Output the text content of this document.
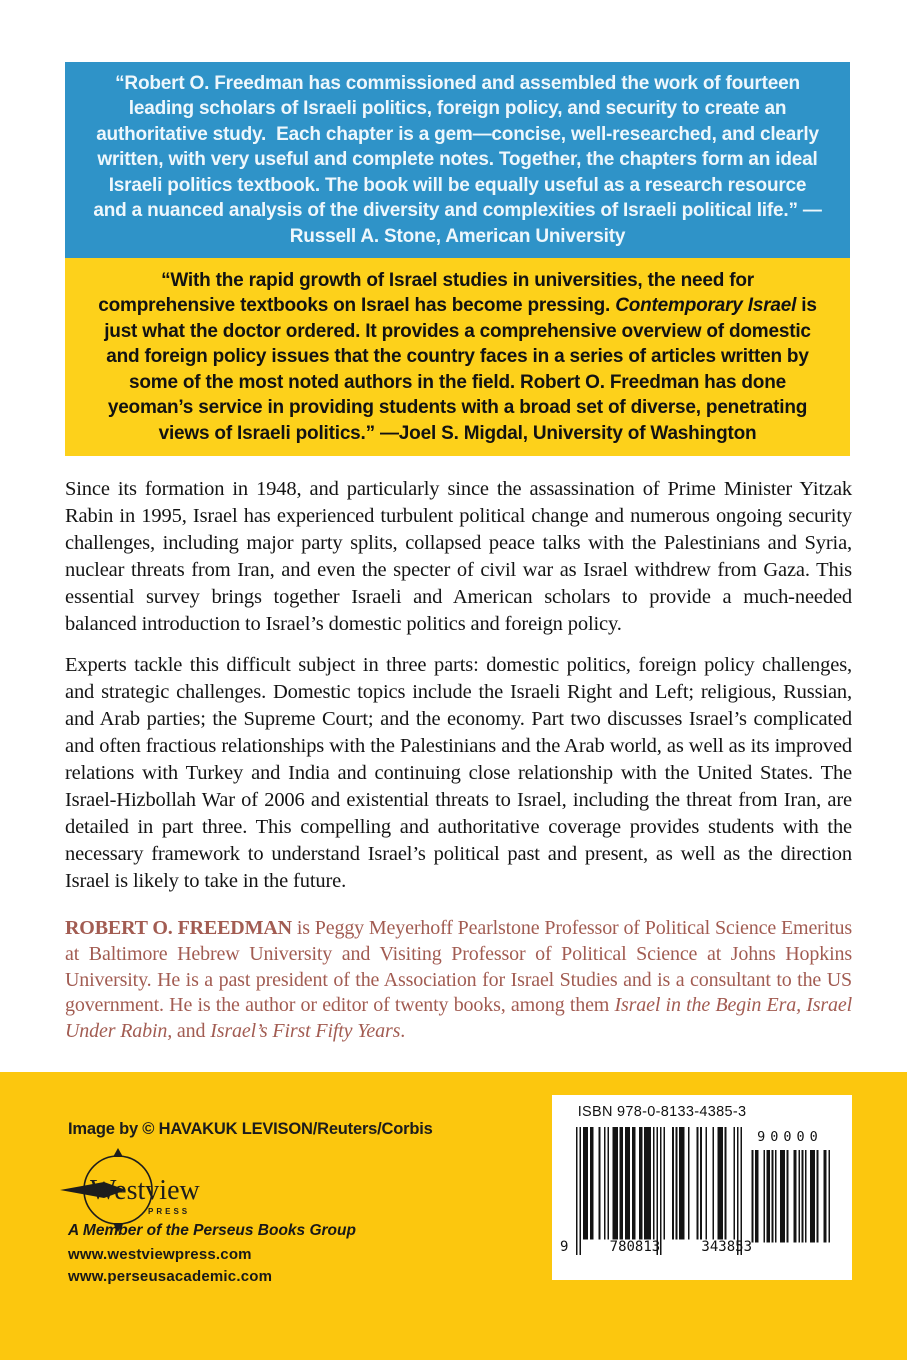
“Robert O. Freedman has commissioned and assembled the work of fourteen leading scholars of Israeli politics, foreign policy, and security to create an authoritative study.  Each chapter is a gem—concise, well-researched, and clearly written, with very useful and complete notes. Together, the chapters form an ideal Israeli politics textbook. The book will be equally useful as a research resource and a nuanced analysis of the diversity and complexities of Israeli political life.” —Russell A. Stone, American University

“With the rapid growth of Israel studies in universities, the need for comprehensive textbooks on Israel has become pressing. Contemporary Israel is just what the doctor ordered. It provides a comprehensive overview of domestic and foreign policy issues that the country faces in a series of articles written by some of the most noted authors in the field. Robert O. Freedman has done yeoman’s service in providing students with a broad set of diverse, penetrating views of Israeli politics.” —Joel S. Migdal, University of Washington

Since its formation in 1948, and particularly since the assassination of Prime Minister Yitzak Rabin in 1995, Israel has experienced turbulent political change and numerous ongoing security challenges, including major party splits, collapsed peace talks with the Palestinians and Syria, nuclear threats from Iran, and even the specter of civil war as Israel withdrew from Gaza. This essential survey brings together Israeli and American scholars to provide a much-needed balanced introduction to Israel’s domestic politics and foreign policy.

Experts tackle this difficult subject in three parts: domestic politics, foreign policy challenges, and strategic challenges. Domestic topics include the Israeli Right and Left; religious, Russian, and Arab parties; the Supreme Court; and the economy. Part two discusses Israel’s complicated and often fractious relationships with the Palestinians and the Arab world, as well as its improved relations with Turkey and India and continuing close relationship with the United States. The Israel-Hizbollah War of 2006 and existential threats to Israel, including the threat from Iran, are detailed in part three. This compelling and authoritative coverage provides students with the necessary framework to understand Israel’s political past and present, as well as the direction Israel is likely to take in the future.

ROBERT O. FREEDMAN is Peggy Meyerhoff Pearlstone Professor of Political Science Emeritus at Baltimore Hebrew University and Visiting Professor of Political Science at Johns Hopkins University. He is a past president of the Association for Israel Studies and is a consultant to the US government. He is the author or editor of twenty books, among them Israel in the Begin Era, Israel Under Rabin, and Israel’s First Fifty Years.

Image by © HAVAKUK LEVISON/Reuters/Corbis

Westview
PRESS

A Member of the Perseus Books Group

www.westviewpress.com

www.perseusacademic.com

ISBN 978-0-8133-4385-3
9	780813	343853
90000
